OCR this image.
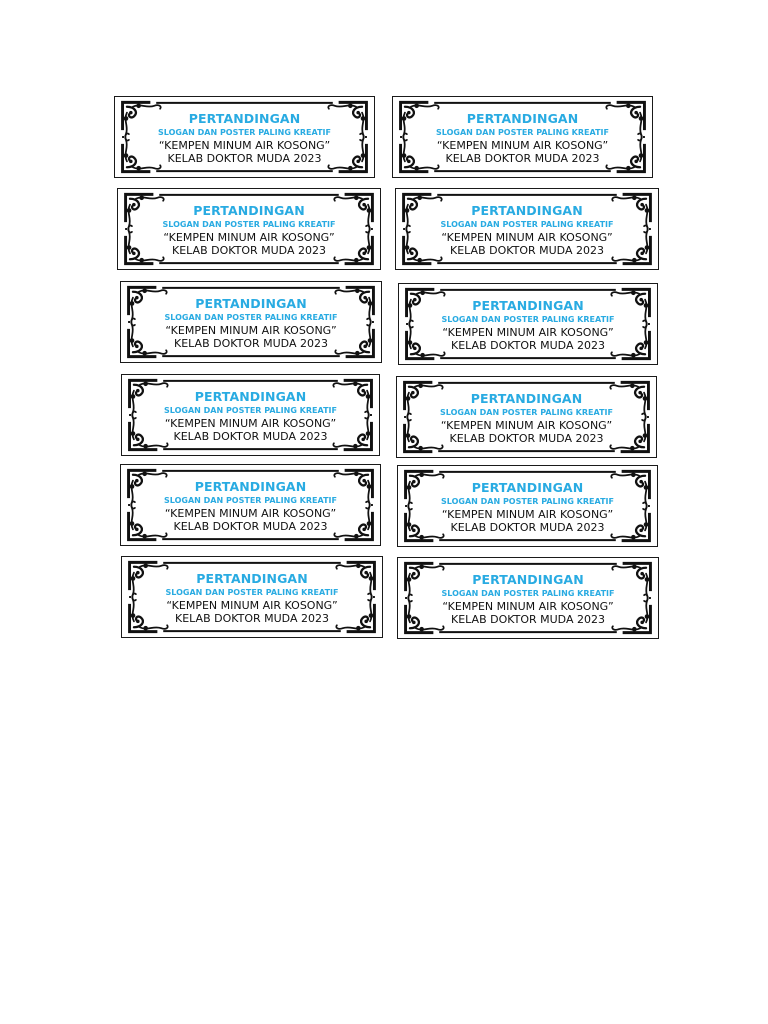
PERTANDINGAN
SLOGAN DAN POSTER PALING KREATIF
“KEMPEN MINUM AIR KOSONG”
KELAB DOKTOR MUDA 2023
PERTANDINGAN
SLOGAN DAN POSTER PALING KREATIF
“KEMPEN MINUM AIR KOSONG”
KELAB DOKTOR MUDA 2023
PERTANDINGAN
SLOGAN DAN POSTER PALING KREATIF
“KEMPEN MINUM AIR KOSONG”
KELAB DOKTOR MUDA 2023
PERTANDINGAN
SLOGAN DAN POSTER PALING KREATIF
“KEMPEN MINUM AIR KOSONG”
KELAB DOKTOR MUDA 2023
PERTANDINGAN
SLOGAN DAN POSTER PALING KREATIF
“KEMPEN MINUM AIR KOSONG”
KELAB DOKTOR MUDA 2023
PERTANDINGAN
SLOGAN DAN POSTER PALING KREATIF
“KEMPEN MINUM AIR KOSONG”
KELAB DOKTOR MUDA 2023
PERTANDINGAN
SLOGAN DAN POSTER PALING KREATIF
“KEMPEN MINUM AIR KOSONG”
KELAB DOKTOR MUDA 2023
PERTANDINGAN
SLOGAN DAN POSTER PALING KREATIF
“KEMPEN MINUM AIR KOSONG”
KELAB DOKTOR MUDA 2023
PERTANDINGAN
SLOGAN DAN POSTER PALING KREATIF
“KEMPEN MINUM AIR KOSONG”
KELAB DOKTOR MUDA 2023
PERTANDINGAN
SLOGAN DAN POSTER PALING KREATIF
“KEMPEN MINUM AIR KOSONG”
KELAB DOKTOR MUDA 2023
PERTANDINGAN
SLOGAN DAN POSTER PALING KREATIF
“KEMPEN MINUM AIR KOSONG”
KELAB DOKTOR MUDA 2023
PERTANDINGAN
SLOGAN DAN POSTER PALING KREATIF
“KEMPEN MINUM AIR KOSONG”
KELAB DOKTOR MUDA 2023
